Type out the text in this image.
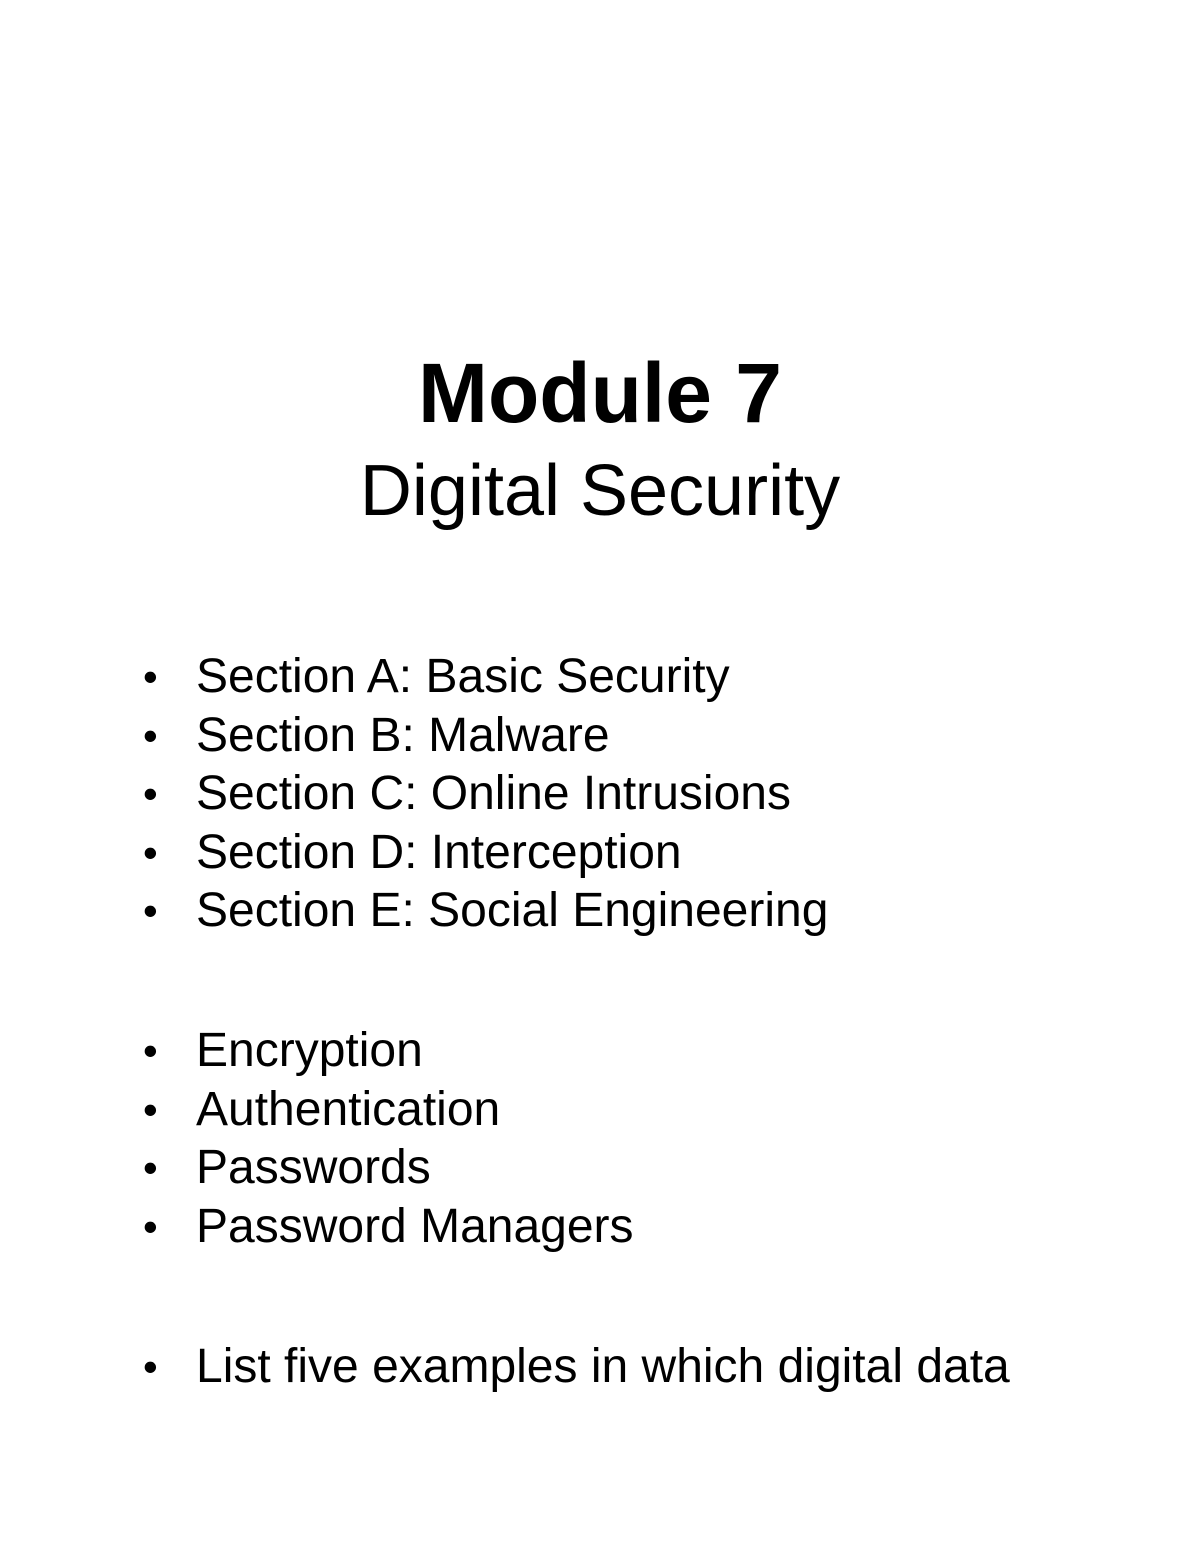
Module 7
Digital Security
• Section A: Basic Security
• Section B: Malware
• Section C: Online Intrusions
• Section D: Interception
• Section E: Social Engineering
• Encryption
• Authentication
• Passwords
• Password Managers
• List five examples in which digital data
